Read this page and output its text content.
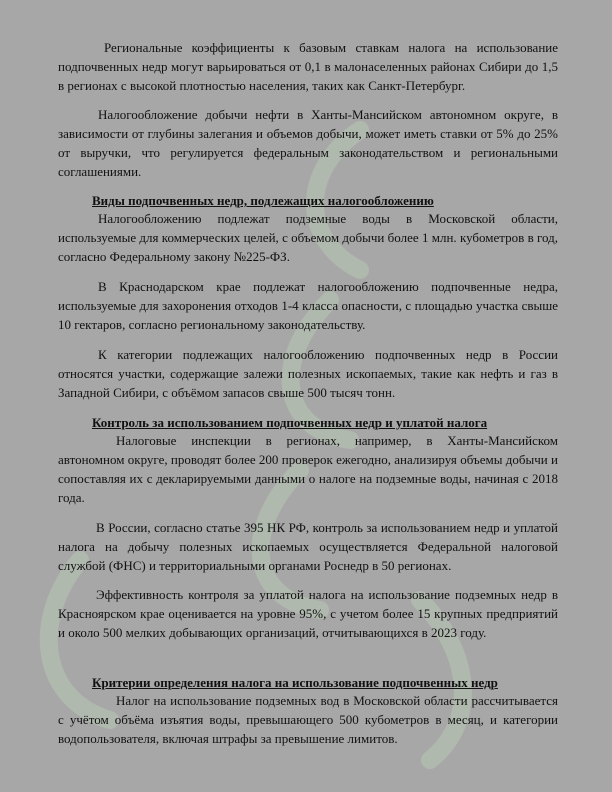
Региональные коэффициенты к базовым ставкам налога на использование подпочвенных недр могут варьироваться от 0,1 в малонаселенных районах Сибири до 1,5 в регионах с высокой плотностью населения, таких как Санкт-Петербург.

Налогообложение добычи нефти в Ханты-Мансийском автономном округе, в зависимости от глубины залегания и объемов добычи, может иметь ставки от 5% до 25% от выручки, что регулируется федеральным законодательством и региональными соглашениями.

Виды подпочвенных недр, подлежащих налогообложению

Налогообложению подлежат подземные воды в Московской области, используемые для коммерческих целей, с объемом добычи более 1 млн. кубометров в год, согласно Федеральному закону №225-ФЗ.

В Краснодарском крае подлежат налогообложению подпочвенные недра, используемые для захоронения отходов 1-4 класса опасности, с площадью участка свыше 10 гектаров, согласно региональному законодательству.

К категории подлежащих налогообложению подпочвенных недр в России относятся участки, содержащие залежи полезных ископаемых, такие как нефть и газ в Западной Сибири, с объёмом запасов свыше 500 тысяч тонн.

Контроль за использованием подпочвенных недр и уплатой налога

Налоговые инспекции в регионах, например, в Ханты-Мансийском автономном округе, проводят более 200 проверок ежегодно, анализируя объемы добычи и сопоставляя их с декларируемыми данными о налоге на подземные воды, начиная с 2018 года.

В России, согласно статье 395 НК РФ, контроль за использованием недр и уплатой налога на добычу полезных ископаемых осуществляется Федеральной налоговой службой (ФНС) и территориальными органами Роснедр в 50 регионах.

Эффективность контроля за уплатой налога на использование подземных недр в Красноярском крае оценивается на уровне 95%, с учетом более 15 крупных предприятий и около 500 мелких добывающих организаций, отчитывающихся в 2023 году.

Критерии определения налога на использование подпочвенных недр

Налог на использование подземных вод в Московской области рассчитывается с учётом объёма изъятия воды, превышающего 500 кубометров в месяц, и категории водопользователя, включая штрафы за превышение лимитов.
